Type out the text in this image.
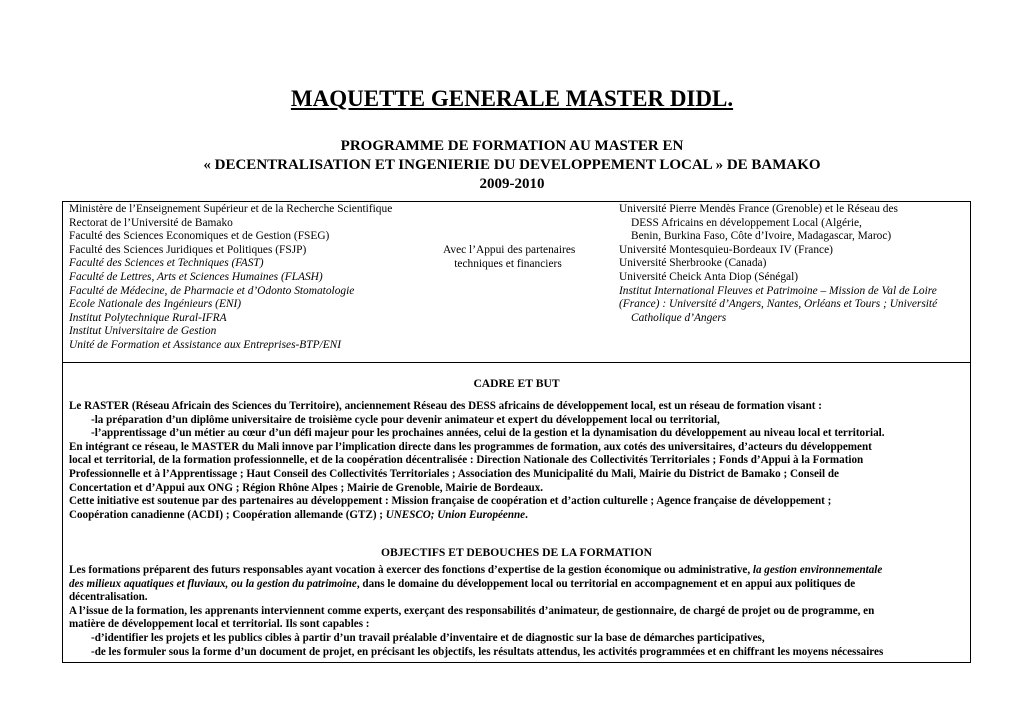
MAQUETTE GENERALE MASTER DIDL.
PROGRAMME DE FORMATION AU MASTER EN
« DECENTRALISATION ET INGENIERIE DU DEVELOPPEMENT LOCAL » DE BAMAKO
2009-2010
Ministère de l’Enseignement Supérieur et de la Recherche Scientifique
Rectorat de l’Université de Bamako
Faculté des Sciences Economiques et de Gestion (FSEG)
Faculté des Sciences Juridiques et Politiques (FSJP)
Faculté des Sciences et Techniques (FAST)
Faculté de Lettres, Arts et Sciences Humaines (FLASH)
Faculté de Médecine, de Pharmacie et d’Odonto Stomatologie
Ecole Nationale des Ingénieurs (ENI)
Institut Polytechnique Rural-IFRA
Institut Universitaire de Gestion
Unité de Formation et Assistance aux Entreprises-BTP/ENI
Avec l’Appui des partenaires
techniques et financiers
Université Pierre Mendès France (Grenoble) et le Réseau des
DESS Africains en développement Local (Algérie,
Benin, Burkina Faso, Côte d’Ivoire, Madagascar, Maroc)
Université Montesquieu-Bordeaux IV (France)
Université Sherbrooke (Canada)
Université Cheick Anta Diop (Sénégal)
Institut International Fleuves et Patrimoine – Mission de Val de Loire
(France) : Université d’Angers, Nantes, Orléans et Tours ; Université
Catholique d’Angers
CADRE ET BUT
Le RASTER (Réseau Africain des Sciences du Territoire), anciennement Réseau des DESS africains de développement local, est un réseau de formation visant :
-la préparation d’un diplôme universitaire de troisième cycle pour devenir animateur et expert du développement local ou territorial,
-l’apprentissage d’un métier au cœur d’un défi majeur pour les prochaines années, celui de la gestion et la dynamisation du développement au niveau local et territorial.
En intégrant ce réseau, le MASTER du Mali innove par l’implication directe dans les programmes de formation, aux cotés des universitaires, d’acteurs du développement
local et territorial, de la formation professionnelle, et de la coopération décentralisée : Direction Nationale des Collectivités Territoriales ; Fonds d’Appui à la Formation
Professionnelle et à l’Apprentissage ; Haut Conseil des Collectivités Territoriales ; Association des Municipalité du Mali, Mairie du District de Bamako ; Conseil de
Concertation et d’Appui aux ONG ; Région Rhône Alpes ; Mairie de Grenoble, Mairie de Bordeaux.
Cette initiative est soutenue par des partenaires au développement : Mission française de coopération et d’action culturelle ; Agence française de développement ;
Coopération canadienne (ACDI) ; Coopération allemande (GTZ) ; UNESCO; Union Européenne.
OBJECTIFS ET DEBOUCHES DE LA FORMATION
Les formations préparent des futurs responsables ayant vocation à exercer des fonctions d’expertise de la gestion économique ou administrative, la gestion environnementale
des milieux aquatiques et fluviaux, ou la gestion du patrimoine, dans le domaine du développement local ou territorial en accompagnement et en appui aux politiques de
décentralisation.
A l’issue de la formation, les apprenants interviennent comme experts, exerçant des responsabilités d’animateur, de gestionnaire, de chargé de projet ou de programme, en
matière de développement local et territorial. Ils sont capables :
-d’identifier les projets et les publics cibles à partir d’un travail préalable d’inventaire et de diagnostic sur la base de démarches participatives,
-de les formuler sous la forme d’un document de projet, en précisant les objectifs, les résultats attendus, les activités programmées et en chiffrant les moyens nécessaires
